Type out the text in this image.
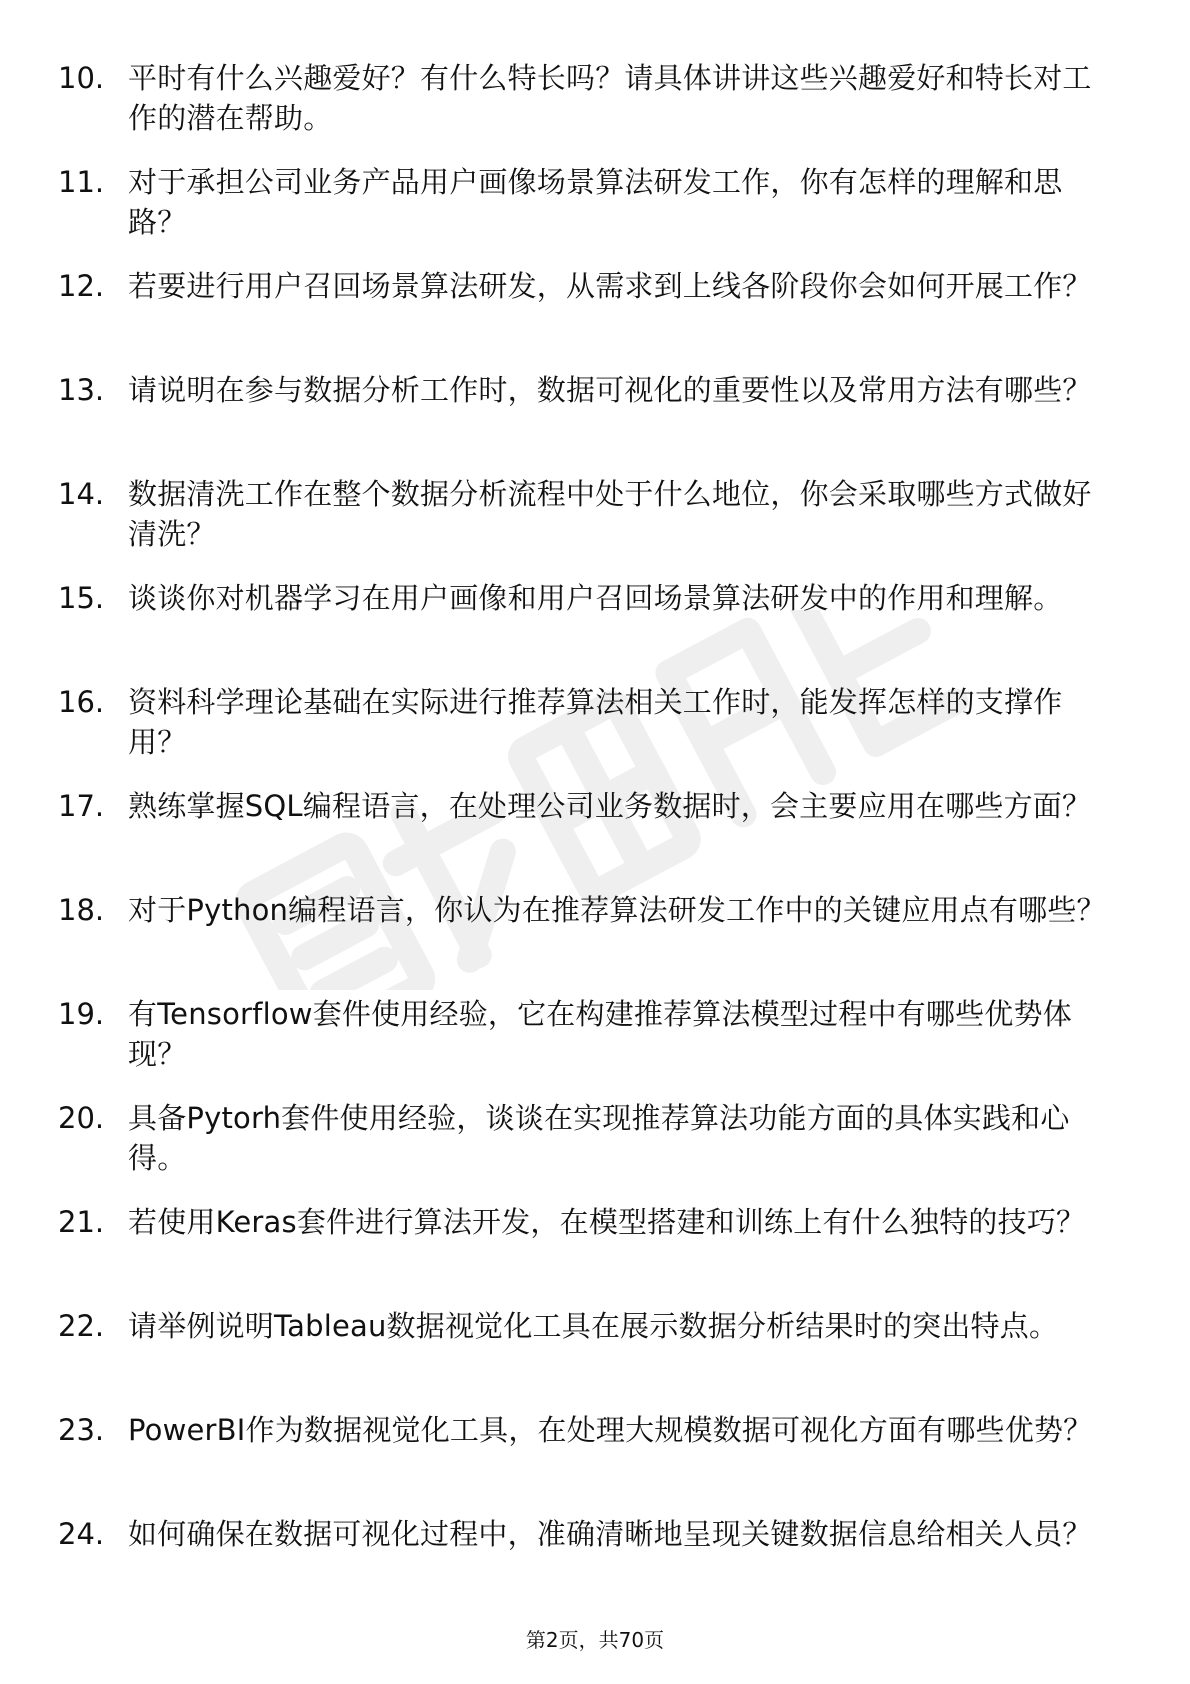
10. 平时有什么兴趣爱好？有什么特长吗？请具体讲讲这些兴趣爱好和特长对工作的潜在帮助。
11. 对于承担公司业务产品用户画像场景算法研发工作，你有怎样的理解和思路？
12. 若要进行用户召回场景算法研发，从需求到上线各阶段你会如何开展工作？
13. 请说明在参与数据分析工作时，数据可视化的重要性以及常用方法有哪些？
14. 数据清洗工作在整个数据分析流程中处于什么地位，你会采取哪些方式做好清洗？
15. 谈谈你对机器学习在用户画像和用户召回场景算法研发中的作用和理解。
16. 资料科学理论基础在实际进行推荐算法相关工作时，能发挥怎样的支撑作用？
17. 熟练掌握SQL编程语言，在处理公司业务数据时，会主要应用在哪些方面？
18. 对于Python编程语言，你认为在推荐算法研发工作中的关键应用点有哪些？
19. 有Tensorflow套件使用经验，它在构建推荐算法模型过程中有哪些优势体现？
20. 具备Pytorh套件使用经验，谈谈在实现推荐算法功能方面的具体实践和心得。
21. 若使用Keras套件进行算法开发，在模型搭建和训练上有什么独特的技巧？
22. 请举例说明Tableau数据视觉化工具在展示数据分析结果时的突出特点。
23. PowerBI作为数据视觉化工具，在处理大规模数据可视化方面有哪些优势？
24. 如何确保在数据可视化过程中，准确清晰地呈现关键数据信息给相关人员？
第2页，共70页
